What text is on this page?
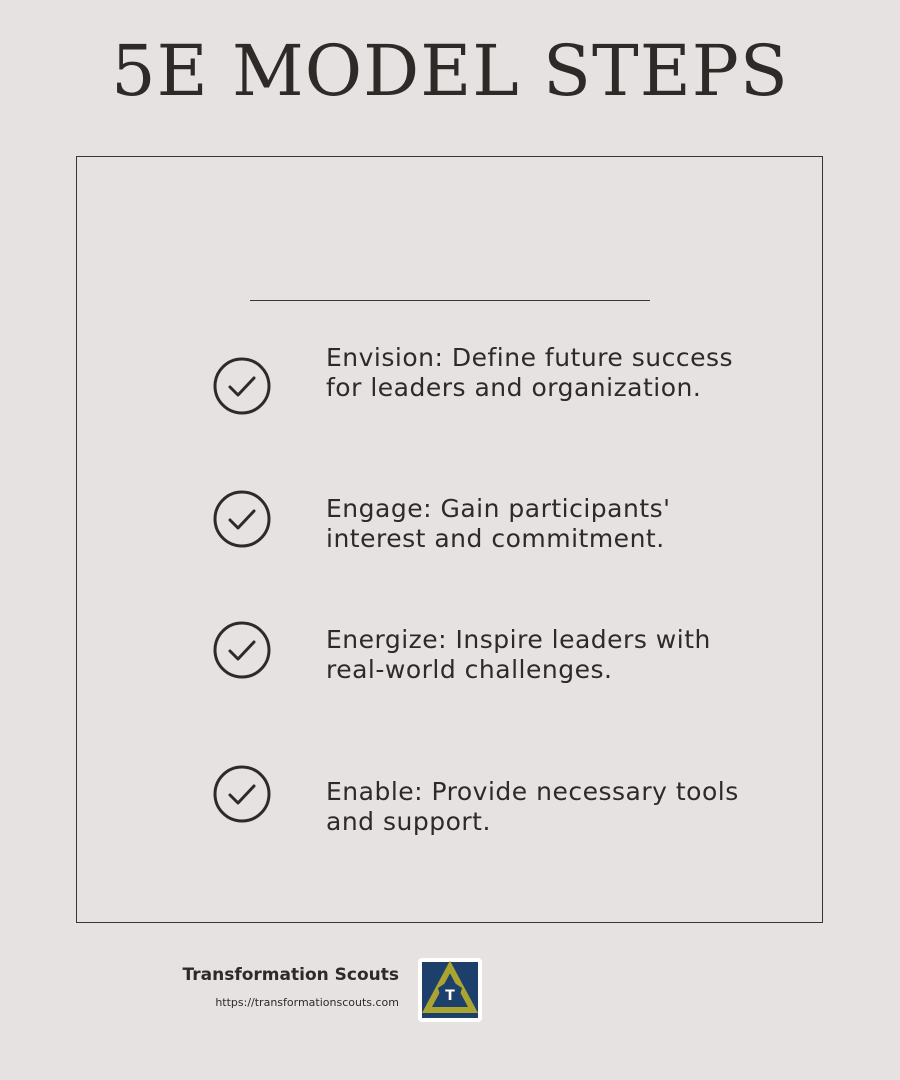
5E MODEL STEPS
Envision: Define future success for leaders and organization.
Engage: Gain participants' interest and commitment.
Energize: Inspire leaders with real-world challenges.
Enable: Provide necessary tools and support.
Transformation Scouts
https://transformationscouts.com	T
